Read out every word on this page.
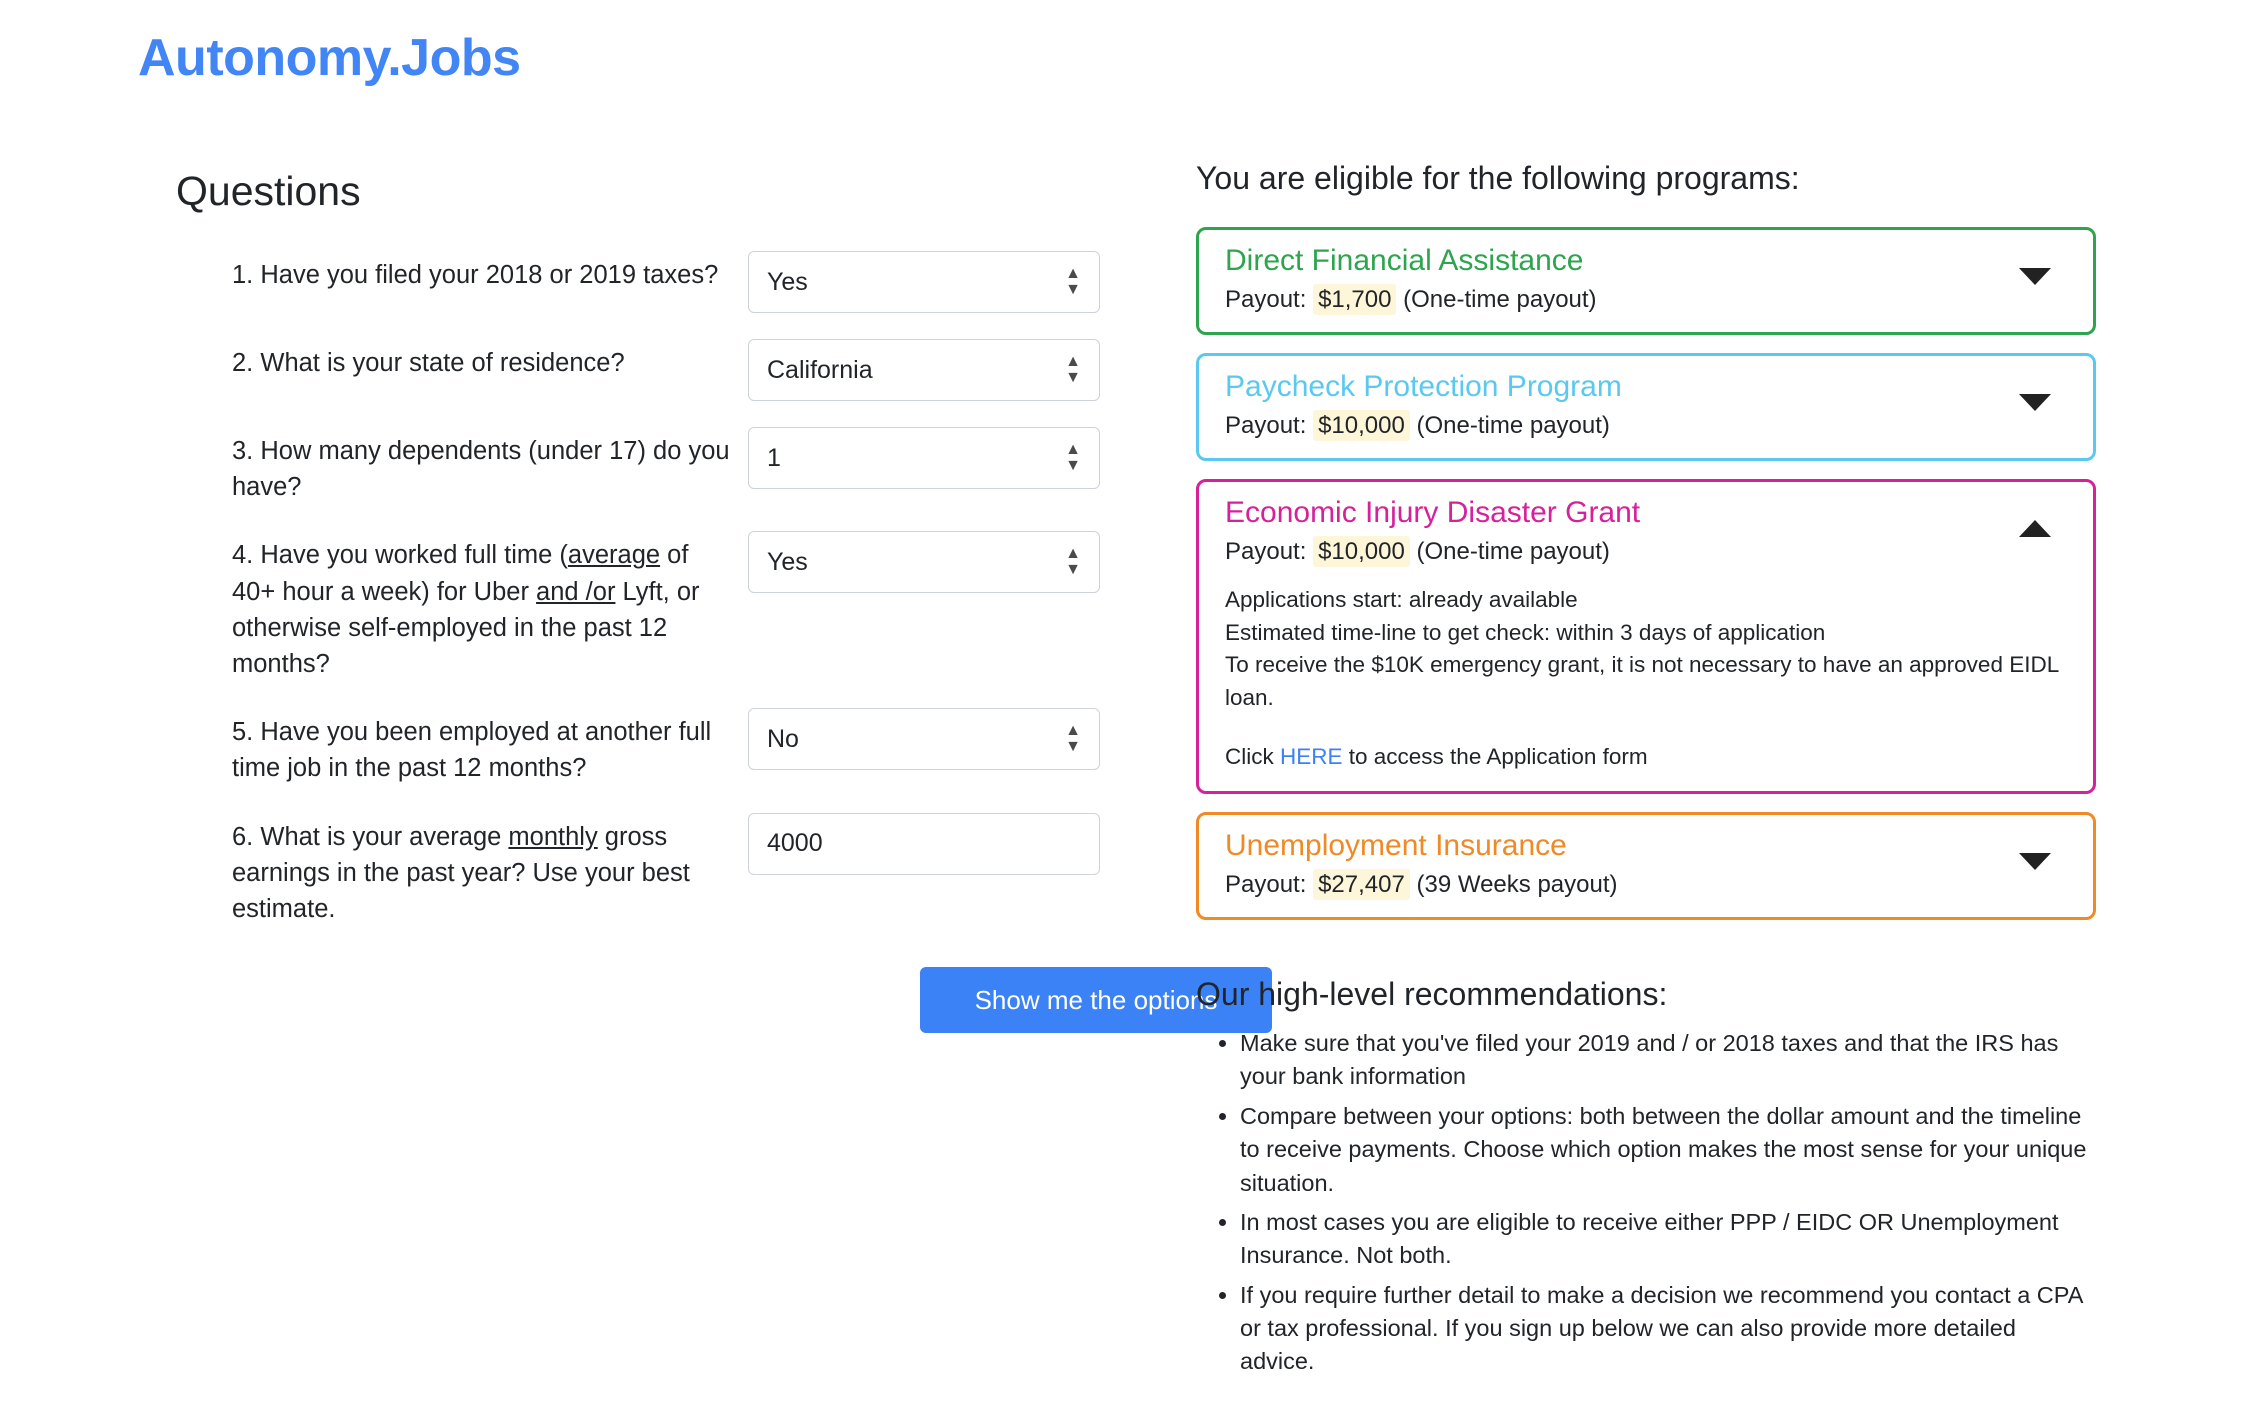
Autonomy.Jobs
Questions
1. Have you filed your 2018 or 2019 taxes?	Yes	▲
▼
2. What is your state of residence?	California	▲
▼
3. How many dependents (under 17) do you have?
1	▲
▼
4. Have you worked full time (average of 40+ hour a week) for Uber and /or Lyft, or otherwise self-employed in the past 12 months?
Yes	▲
▼
5. Have you been employed at another full time job in the past 12 months?
No	▲
▼
6. What is your average monthly gross earnings in the past year? Use your best estimate.
4000
Show me the options
You are eligible for the following programs:
Direct Financial Assistance
Payout: $1,700 (One-time payout)
Paycheck Protection Program
Payout: $10,000 (One-time payout)
Economic Injury Disaster Grant
Payout: $10,000 (One-time payout)
Applications start: already available
Estimated time-line to get check: within 3 days of application
To receive the $10K emergency grant, it is not necessary to have an approved EIDL loan.
Click HERE to access the Application form
Unemployment Insurance
Payout: $27,407 (39 Weeks payout)
Our high-level recommendations:
• Make sure that you've filed your 2019 and / or 2018 taxes and that the IRS has your bank information
• Compare between your options: both between the dollar amount and the timeline to receive payments. Choose which option makes the most sense for your unique situation.
• In most cases you are eligible to receive either PPP / EIDC OR Unemployment Insurance. Not both.
• If you require further detail to make a decision we recommend you contact a CPA or tax professional. If you sign up below we can also provide more detailed advice.
